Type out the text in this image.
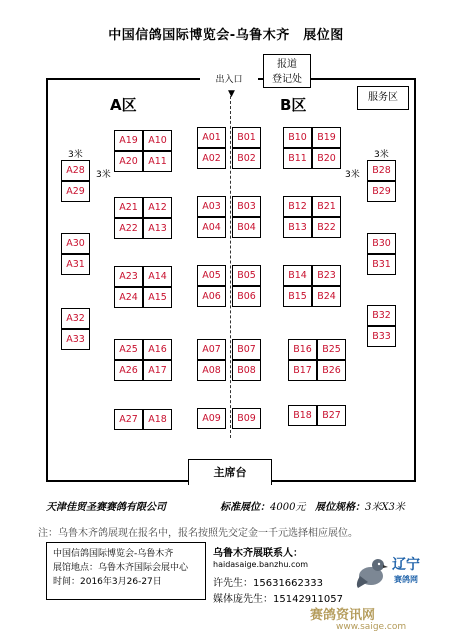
中国信鸽国际博览会-乌鲁木齐　展位图
出入口
▼
报道
登记处
服务区
A区	B区
3米
3米
3米
3米
A28
A29
A30
A31
A32
A33
A19	A10
A20	A11
A21	A12
A22	A13
A23	A14
A24	A15
A25	A16
A26	A17
A27	A18
A01	B01
A02	B02
A03	B03
A04	B04
A05	B05
A06	B06
A07	B07
A08	B08
A09	B09
B10	B19
B11	B20
B12	B21
B13	B22
B14	B23
B15	B24
B16	B25
B17	B26
B18	B27
B28
B29
B30
B31
B32
B33
主席台
天津佳贸圣赛赛鸽有限公司	标准展位：4000元 展位规格：3米X3米
注：乌鲁木齐鸽展现在报名中，报名按照先交定金一千元选择相应展位。
中国信鸽国际博览会-乌鲁木齐
展馆地点：乌鲁木齐国际会展中心
时间：2016年3月26-27日
乌鲁木齐展联系人：
haidasaige.banzhu.com
许先生：15631662333
媒体庞先生：15142911057
辽宁
赛鸽网
赛鸽资讯网
www.saige.com
